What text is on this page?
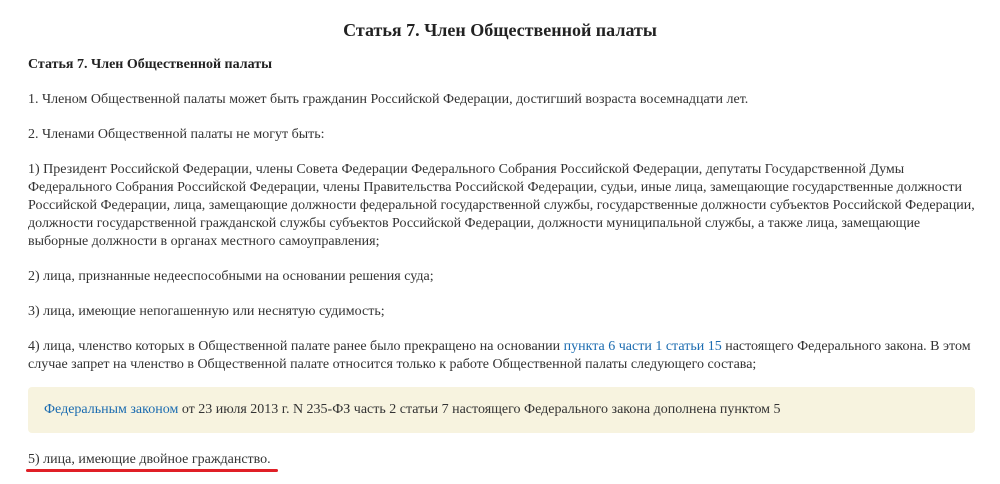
Статья 7. Член Общественной палаты

Статья 7. Член Общественной палаты

1. Членом Общественной палаты может быть гражданин Российской Федерации, достигший возраста восемнадцати лет.

2. Членами Общественной палаты не могут быть:

1) Президент Российской Федерации, члены Совета Федерации Федерального Собрания Российской Федерации, депутаты Государственной Думы Федерального Собрания Российской Федерации, члены Правительства Российской Федерации, судьи, иные лица, замещающие государственные должности Российской Федерации, лица, замещающие должности федеральной государственной службы, государственные должности субъектов Российской Федерации, должности государственной гражданской службы субъектов Российской Федерации, должности муниципальной службы, а также лица, замещающие выборные должности в органах местного самоуправления;

2) лица, признанные недееспособными на основании решения суда;

3) лица, имеющие непогашенную или неснятую судимость;

4) лица, членство которых в Общественной палате ранее было прекращено на основании пункта 6 части 1 статьи 15 настоящего Федерального закона. В этом случае запрет на членство в Общественной палате относится только к работе Общественной палаты следующего состава;

Федеральным законом от 23 июля 2013 г. N 235-ФЗ часть 2 статьи 7 настоящего Федерального закона дополнена пунктом 5

5) лица, имеющие двойное гражданство.
